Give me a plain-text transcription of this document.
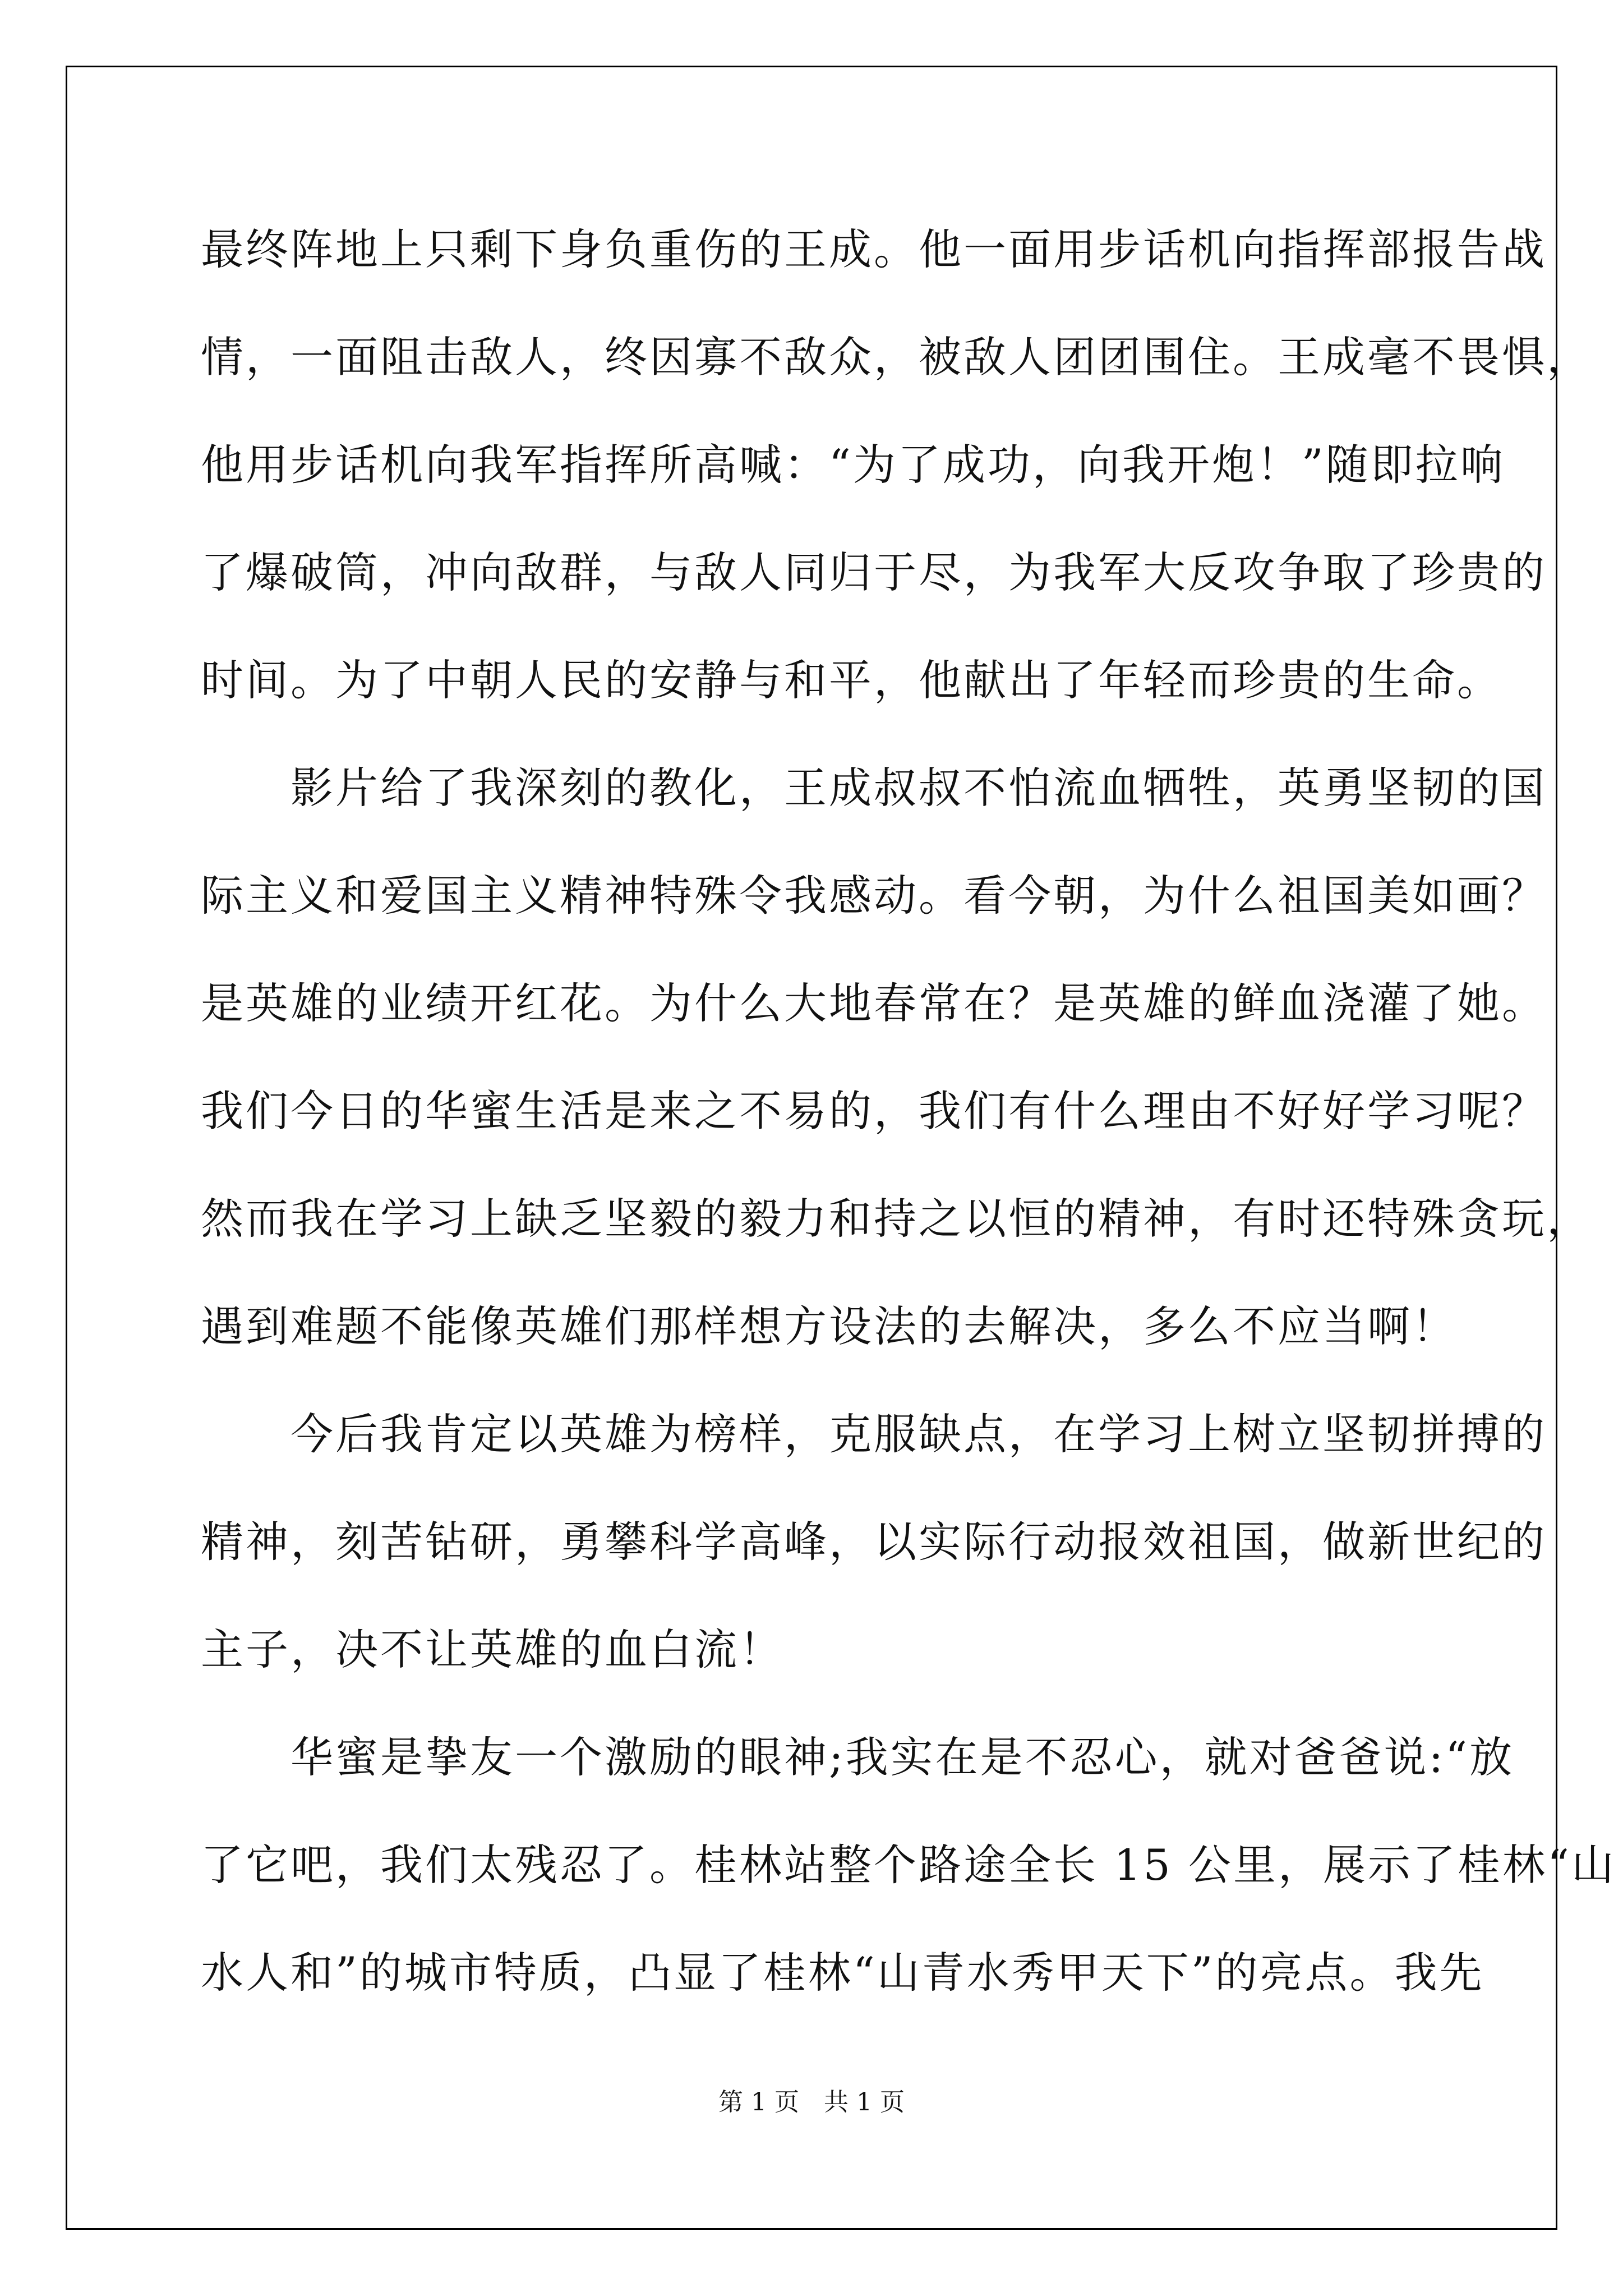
最终阵地上只剩下身负重伤的王成。他一面用步话机向指挥部报告战
情，一面阻击敌人，终因寡不敌众，被敌人团团围住。王成毫不畏惧，
他用步话机向我军指挥所高喊：“为了成功，向我开炮！”随即拉响
了爆破筒，冲向敌群，与敌人同归于尽，为我军大反攻争取了珍贵的
时间。为了中朝人民的安静与和平，他献出了年轻而珍贵的生命。
　　影片给了我深刻的教化，王成叔叔不怕流血牺牲，英勇坚韧的国
际主义和爱国主义精神特殊令我感动。看今朝，为什么祖国美如画？
是英雄的业绩开红花。为什么大地春常在？是英雄的鲜血浇灌了她。
我们今日的华蜜生活是来之不易的，我们有什么理由不好好学习呢？
然而我在学习上缺乏坚毅的毅力和持之以恒的精神，有时还特殊贪玩，
遇到难题不能像英雄们那样想方设法的去解决，多么不应当啊！
　　今后我肯定以英雄为榜样，克服缺点，在学习上树立坚韧拼搏的
精神，刻苦钻研，勇攀科学高峰，以实际行动报效祖国，做新世纪的
主子，决不让英雄的血白流！
　　华蜜是挚友一个激励的眼神;我实在是不忍心，就对爸爸说:“放
了它吧，我们太残忍了。桂林站整个路途全长 15 公里，展示了桂林“山
水人和”的城市特质，凸显了桂林“山青水秀甲天下”的亮点。我先
第 1 页　共 1 页
